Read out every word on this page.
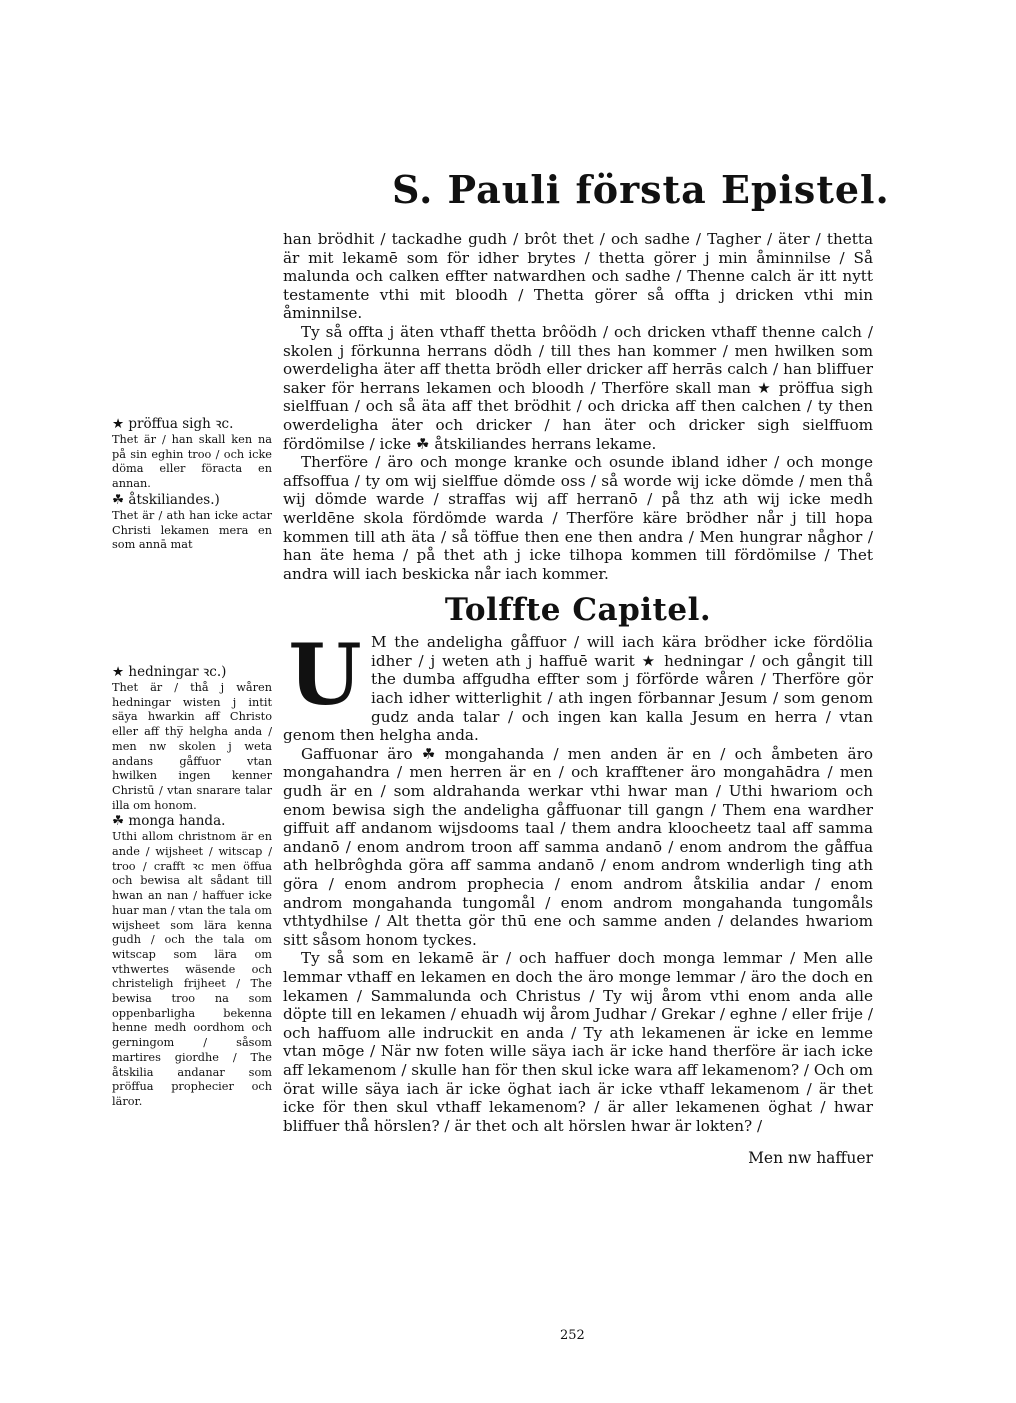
S. Pauli första Epistel.

han brödhit / tackadhe gudh / brôt thet / och sadhe / Tagher / äter / thetta är mit lekamē som för idher brytes / thetta görer j min åminnilse / Så malunda och calken effter natwardhen och sadhe / Thenne calch är itt nytt testamente vthi mit bloodh / Thetta görer så offta j dricken vthi min åminnilse.

Ty så offta j äten vthaff thetta brôödh / och dricken vthaff thenne calch / skolen j förkunna herrans dödh / till thes han kommer / men hwilken som owerdeligha äter aff thetta brödh eller dricker aff herrās calch / han bliffuer saker för herrans lekamen och bloodh / Therföre skall man ★ pröffua sigh sielffuan / och så äta aff thet brödhit / och dricka aff then calchen / ty then owerdeligha äter och dricker / han äter och dricker sigh sielffuom fördömilse / icke ☘ åtskiliandes herrans lekame.

Therföre / äro och monge kranke och osunde ibland idher / och monge affsoffua / ty om wij sielffue dömde oss / så worde wij icke dömde / men thå wij dömde warde / straffas wij aff herranō / på thz ath wij icke medh werldēne skola fördömde warda / Therföre käre brödher når j till hopa kommen till ath äta / så töffue then ene then andra / Men hungrar någhor / han äte hema / på thet ath j icke tilhopa kommen till fördömilse / Thet andra will iach beskicka når iach kommer.

Tolffte Capitel.
U M the andeligha gåffuor / will iach kära brödher icke fördölia idher / j weten ath j haffuē warit ★ hedningar / och gångit till the dumba affgudha effter som j förförde wåren / Therföre gör iach idher witterlighit / ath ingen förbannar Jesum / som genom gudz anda talar / och ingen kan kalla Jesum en herra / vtan genom then helgha anda.

Gaffuonar äro ☘ mongahanda / men anden är en / och åmbeten äro mongahandra / men herren är en / och krafftener äro mongahādra / men gudh är en / som aldrahanda werkar vthi hwar man / Uthi hwariom och enom bewisa sigh the andeligha gåffuonar till gangn / Them ena wardher giffuit aff andanom wijsdooms taal / them andra kloocheetz taal aff samma andanō / enom androm troon aff samma andanō / enom androm the gåffua ath helbrôghda göra aff samma andanō / enom androm wnderligh ting ath göra / enom androm prophecia / enom androm åtskilia andar / enom androm mongahanda tungomål / enom androm mongahanda tungomåls vthtydhilse / Alt thetta gör thū ene och samme anden / delandes hwariom sitt såsom honom tyckes.

Ty så som en lekamē är / och haffuer doch monga lemmar / Men alle lemmar vthaff en lekamen en doch the äro monge lemmar / äro the doch en lekamen / Sammalunda och Christus / Ty wij årom vthi enom anda alle döpte till en lekamen / ehuadh wij årom Judhar / Grekar / eghne / eller frije / och haffuom alle indruckit en anda / Ty ath lekamenen är icke en lemme vtan mōge / När nw foten wille säya iach är icke hand therföre är iach icke aff lekamenom / skulle han för then skul icke wara aff lekamenom? / Och om örat wille säya iach är icke öghat iach är icke vthaff lekamenom / är thet icke för then skul vthaff lekamenom? / är aller lekamenen öghat / hwar bliffuer thå hörslen? / är thet och alt hörslen hwar är lokten? /

Men nw haffuer
★ pröffua sigh ꝛc.

Thet är / han skall ken na på sin eghin troo / och icke döma eller föracta en annan.

☘ åtskiliandes.)

Thet är / ath han icke actar Christi lekamen mera en som annā mat

★ hedningar ꝛc.)

Thet är / thå j wåren hedningar wisten j intit säya hwarkin aff Christo eller aff thy̅ helgha anda / men nw skolen j weta andans gåffuor vtan hwilken ingen kenner Christū / vtan snarare talar illa om honom.

☘ monga handa.

Uthi allom christnom är en ande / wijsheet / witscap / troo / crafft ꝛc men öffua och bewisa alt sådant till hwan an nan / haffuer icke huar man / vtan the tala om wijsheet som lära kenna gudh / och the tala om witscap som lära om vthwertes wäsende och christeligh frijheet / The bewisa troo na som oppenbarligha bekenna henne medh oordhom och gerningom / såsom martires giordhe / The åtskilia andanar som pröffua prophecier och läror.

252
